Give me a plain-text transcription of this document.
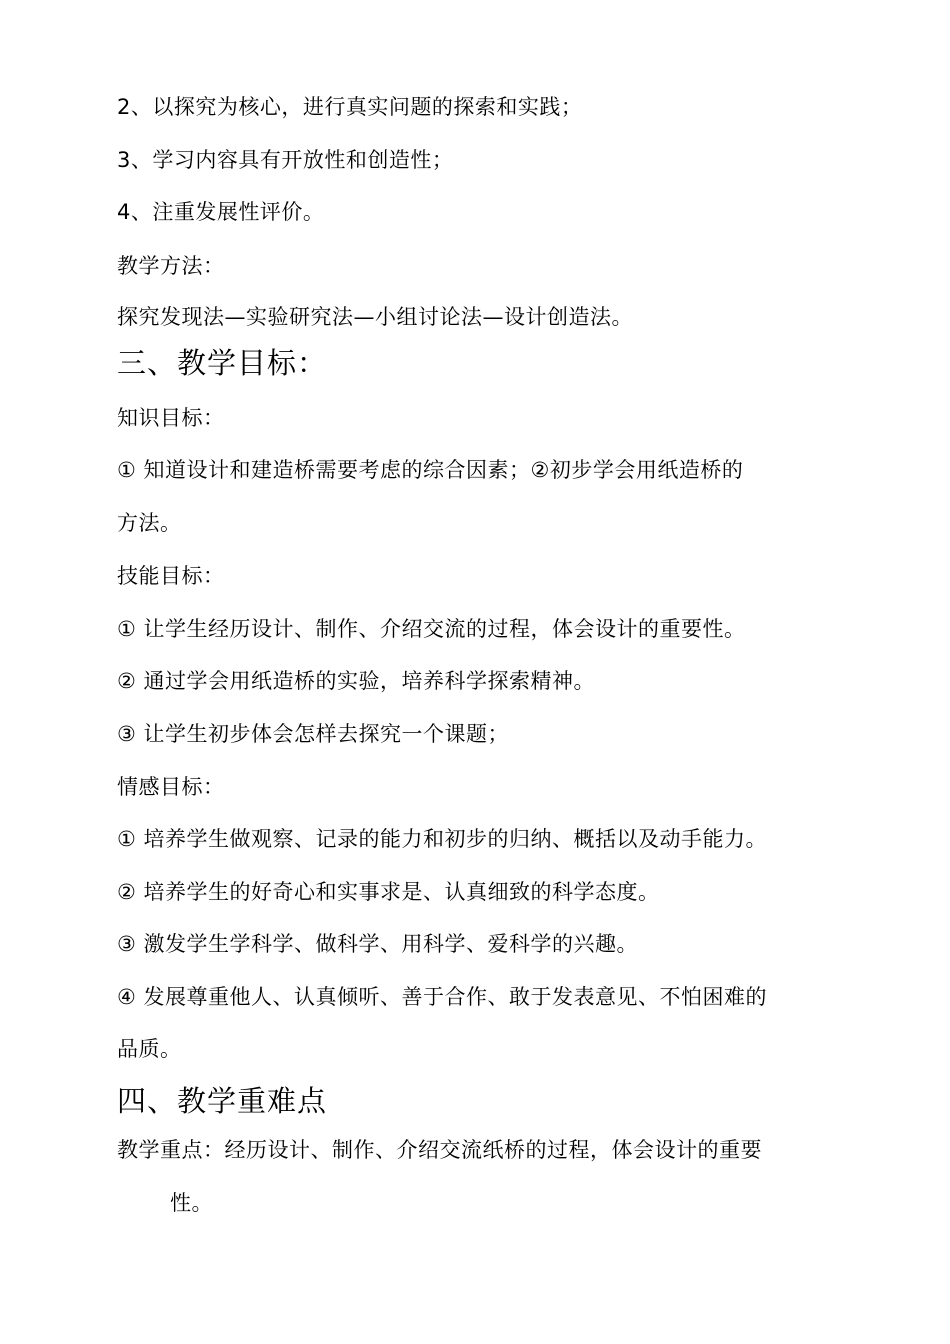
2、以探究为核心，进行真实问题的探索和实践；
3、学习内容具有开放性和创造性；
4、注重发展性评价。
教学方法：
探究发现法—实验研究法—小组讨论法—设计创造法。
三、教学目标：
知识目标：
① 知道设计和建造桥需要考虑的综合因素；②初步学会用纸造桥的
方法。
技能目标：
① 让学生经历设计、制作、介绍交流的过程，体会设计的重要性。
② 通过学会用纸造桥的实验，培养科学探索精神。
③ 让学生初步体会怎样去探究一个课题；
情感目标：
① 培养学生做观察、记录的能力和初步的归纳、概括以及动手能力。
② 培养学生的好奇心和实事求是、认真细致的科学态度。
③ 激发学生学科学、做科学、用科学、爱科学的兴趣。
④ 发展尊重他人、认真倾听、善于合作、敢于发表意见、不怕困难的
品质。
四、教学重难点
教学重点：经历设计、制作、介绍交流纸桥的过程，体会设计的重要
性。
